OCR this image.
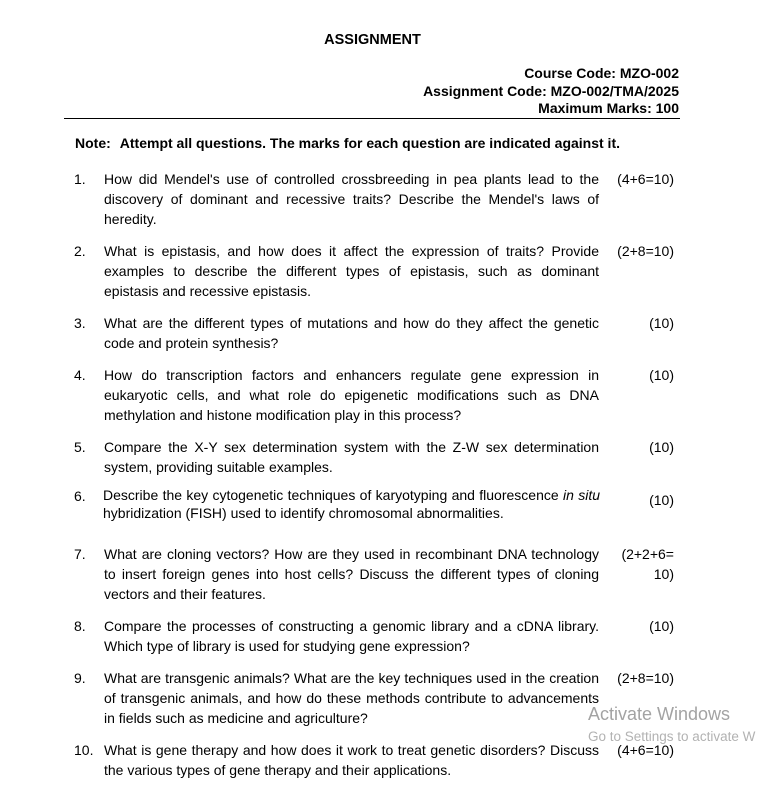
ASSIGNMENT
Course Code: MZO-002
Assignment Code: MZO-002/TMA/2025
Maximum Marks: 100
Note: Attempt all questions. The marks for each question are indicated against it.
1. How did Mendel's use of controlled crossbreeding in pea plants lead to the discovery of dominant and recessive traits? Describe the Mendel's laws of heredity.
(4+6=10)
2. What is epistasis, and how does it affect the expression of traits? Provide examples to describe the different types of epistasis, such as dominant epistasis and recessive epistasis.
(2+8=10)
3. What are the different types of mutations and how do they affect the genetic code and protein synthesis?
(10)
4. How do transcription factors and enhancers regulate gene expression in eukaryotic cells, and what role do epigenetic modifications such as DNA methylation and histone modification play in this process?
(10)
5. Compare the X-Y sex determination system with the Z-W sex determination system, providing suitable examples.
(10)
6. Describe the key cytogenetic techniques of karyotyping and fluorescence in situ hybridization (FISH) used to identify chromosomal abnormalities.
(10)
7. What are cloning vectors? How are they used in recombinant DNA technology to insert foreign genes into host cells? Discuss the different types of cloning vectors and their features.
(2+2+6=
10)
8. Compare the processes of constructing a genomic library and a cDNA library. Which type of library is used for studying gene expression?
(10)
9. What are transgenic animals? What are the key techniques used in the creation of transgenic animals, and how do these methods contribute to advancements in fields such as medicine and agriculture?
(2+8=10)
10. What is gene therapy and how does it work to treat genetic disorders? Discuss the various types of gene therapy and their applications.
(4+6=10)
Activate Windows
Go to Settings to activate W
